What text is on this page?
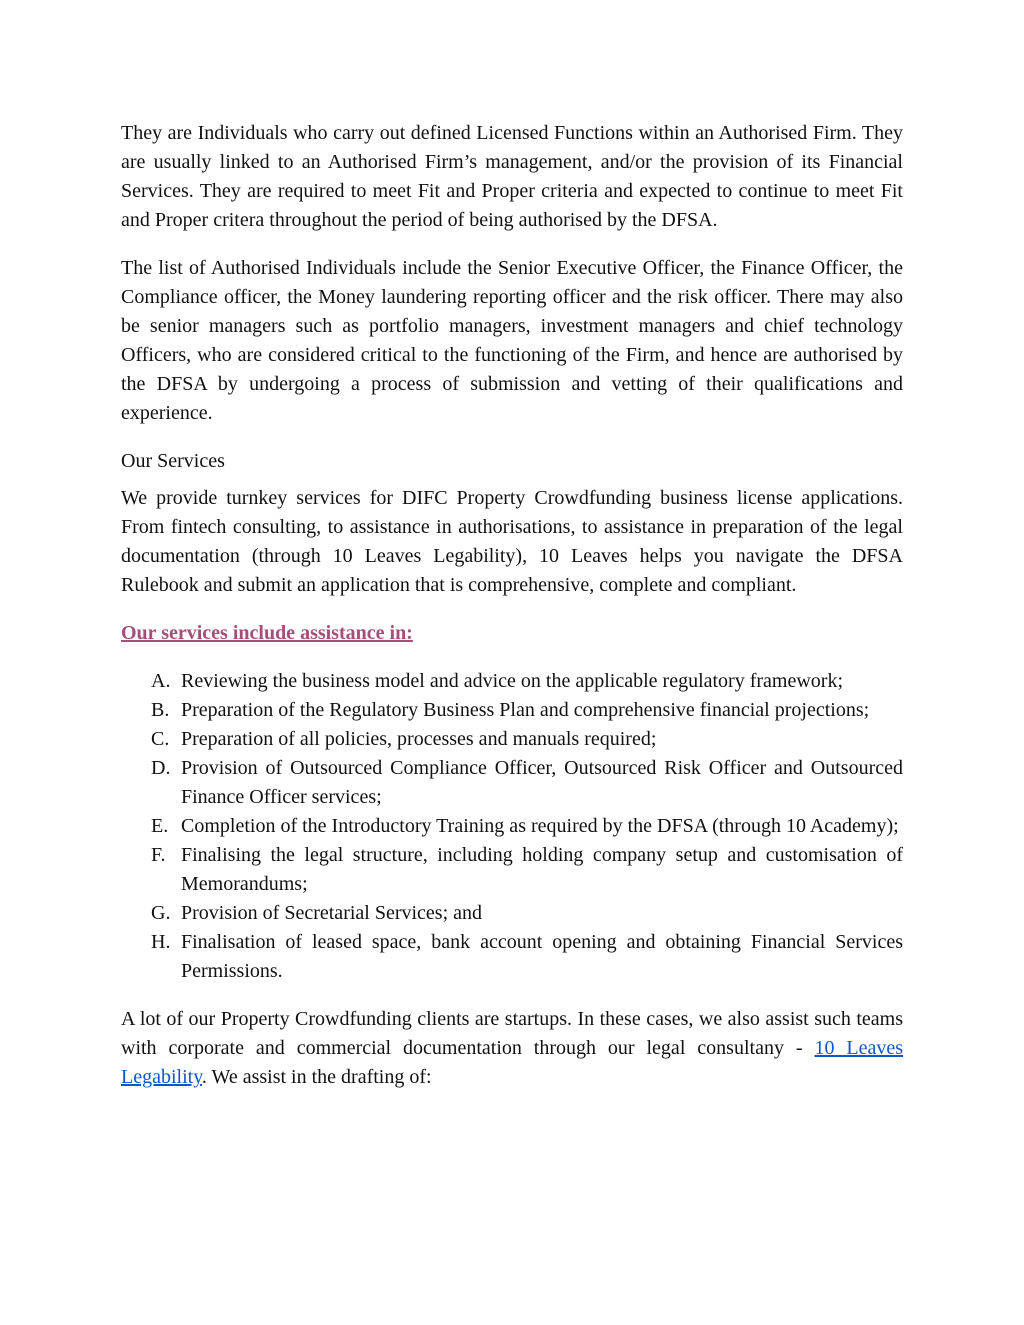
They are Individuals who carry out defined Licensed Functions within an Authorised Firm. They are usually linked to an Authorised Firm’s management, and/or the provision of its Financial Services. They are required to meet Fit and Proper criteria and expected to continue to meet Fit and Proper critera throughout the period of being authorised by the DFSA.

The list of Authorised Individuals include the Senior Executive Officer, the Finance Officer, the Compliance officer, the Money laundering reporting officer and the risk officer. There may also be senior managers such as portfolio managers, investment managers and chief technology Officers, who are considered critical to the functioning of the Firm, and hence are authorised by the DFSA by undergoing a process of submission and vetting of their qualifications and experience.

Our Services

We provide turnkey services for DIFC Property Crowdfunding business license applications. From fintech consulting, to assistance in authorisations, to assistance in preparation of the legal documentation (through 10 Leaves Legability), 10 Leaves helps you navigate the DFSA Rulebook and submit an application that is comprehensive, complete and compliant.

Our services include assistance in:
A. Reviewing the business model and advice on the applicable regulatory framework;
B. Preparation of the Regulatory Business Plan and comprehensive financial projections;
C. Preparation of all policies, processes and manuals required;
D. Provision of Outsourced Compliance Officer, Outsourced Risk Officer and Outsourced Finance Officer services;
E. Completion of the Introductory Training as required by the DFSA (through 10 Academy);
F. Finalising the legal structure, including holding company setup and customisation of Memorandums;
G. Provision of Secretarial Services; and
H. Finalisation of leased space, bank account opening and obtaining Financial Services Permissions.

A lot of our Property Crowdfunding clients are startups. In these cases, we also assist such teams with corporate and commercial documentation through our legal consultany - 10 Leaves Legability. We assist in the drafting of:
